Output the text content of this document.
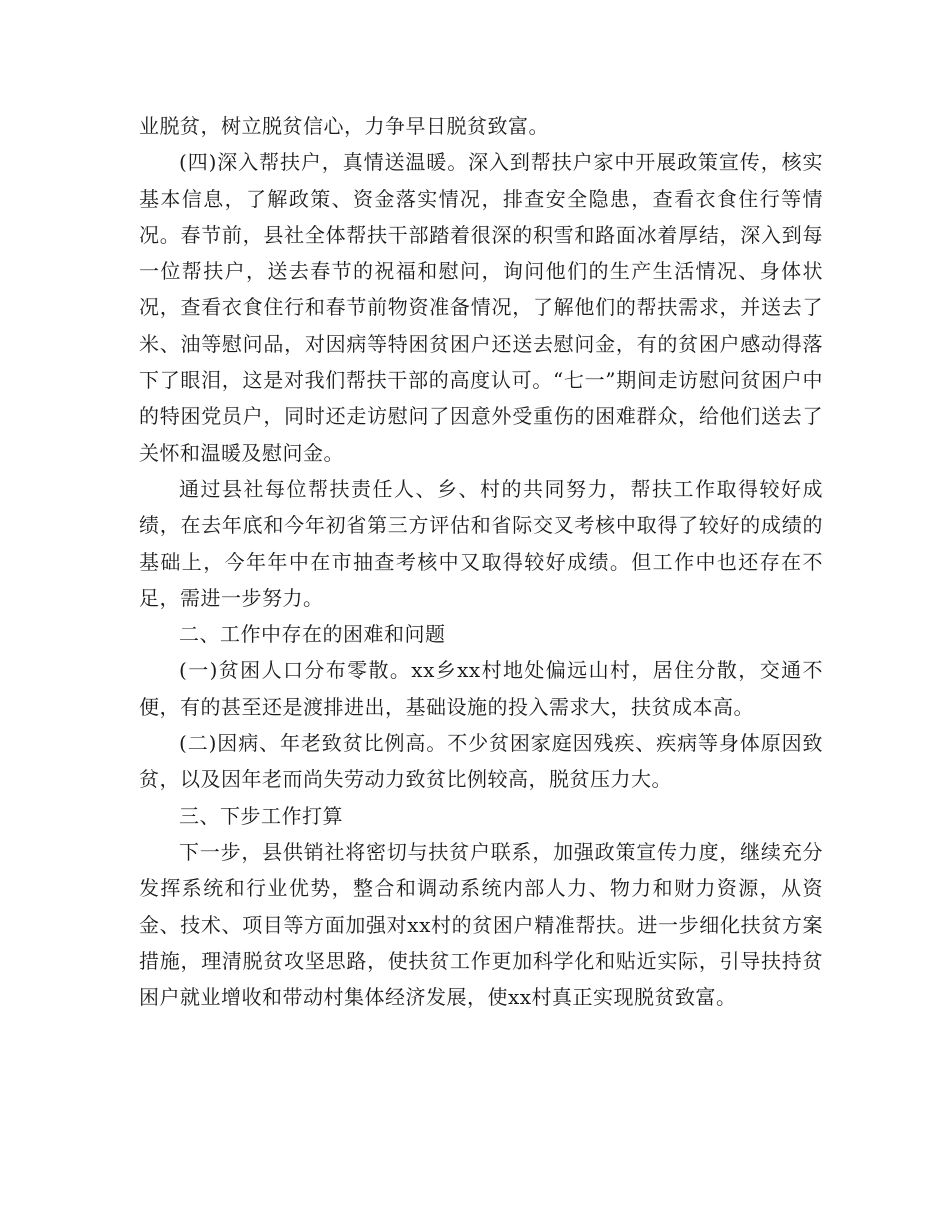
业脱贫，树立脱贫信心，力争早日脱贫致富。

(四)深入帮扶户，真情送温暖。深入到帮扶户家中开展政策宣传，核实基本信息，了解政策、资金落实情况，排查安全隐患，查看衣食住行等情况。春节前，县社全体帮扶干部踏着很深的积雪和路面冰着厚结，深入到每一位帮扶户，送去春节的祝福和慰问，询问他们的生产生活情况、身体状况，查看衣食住行和春节前物资准备情况，了解他们的帮扶需求，并送去了米、油等慰问品，对因病等特困贫困户还送去慰问金，有的贫困户感动得落下了眼泪，这是对我们帮扶干部的高度认可。“七一”期间走访慰问贫困户中的特困党员户，同时还走访慰问了因意外受重伤的困难群众，给他们送去了关怀和温暖及慰问金。

通过县社每位帮扶责任人、乡、村的共同努力，帮扶工作取得较好成绩，在去年底和今年初省第三方评估和省际交叉考核中取得了较好的成绩的基础上，今年年中在市抽查考核中又取得较好成绩。但工作中也还存在不足，需进一步努力。

二、工作中存在的困难和问题

(一)贫困人口分布零散。xx乡xx村地处偏远山村，居住分散，交通不便，有的甚至还是渡排进出，基础设施的投入需求大，扶贫成本高。

(二)因病、年老致贫比例高。不少贫困家庭因残疾、疾病等身体原因致贫，以及因年老而尚失劳动力致贫比例较高，脱贫压力大。

三、下步工作打算

下一步，县供销社将密切与扶贫户联系，加强政策宣传力度，继续充分发挥系统和行业优势，整合和调动系统内部人力、物力和财力资源，从资金、技术、项目等方面加强对xx村的贫困户精准帮扶。进一步细化扶贫方案措施，理清脱贫攻坚思路，使扶贫工作更加科学化和贴近实际，引导扶持贫困户就业增收和带动村集体经济发展，使xx村真正实现脱贫致富。
